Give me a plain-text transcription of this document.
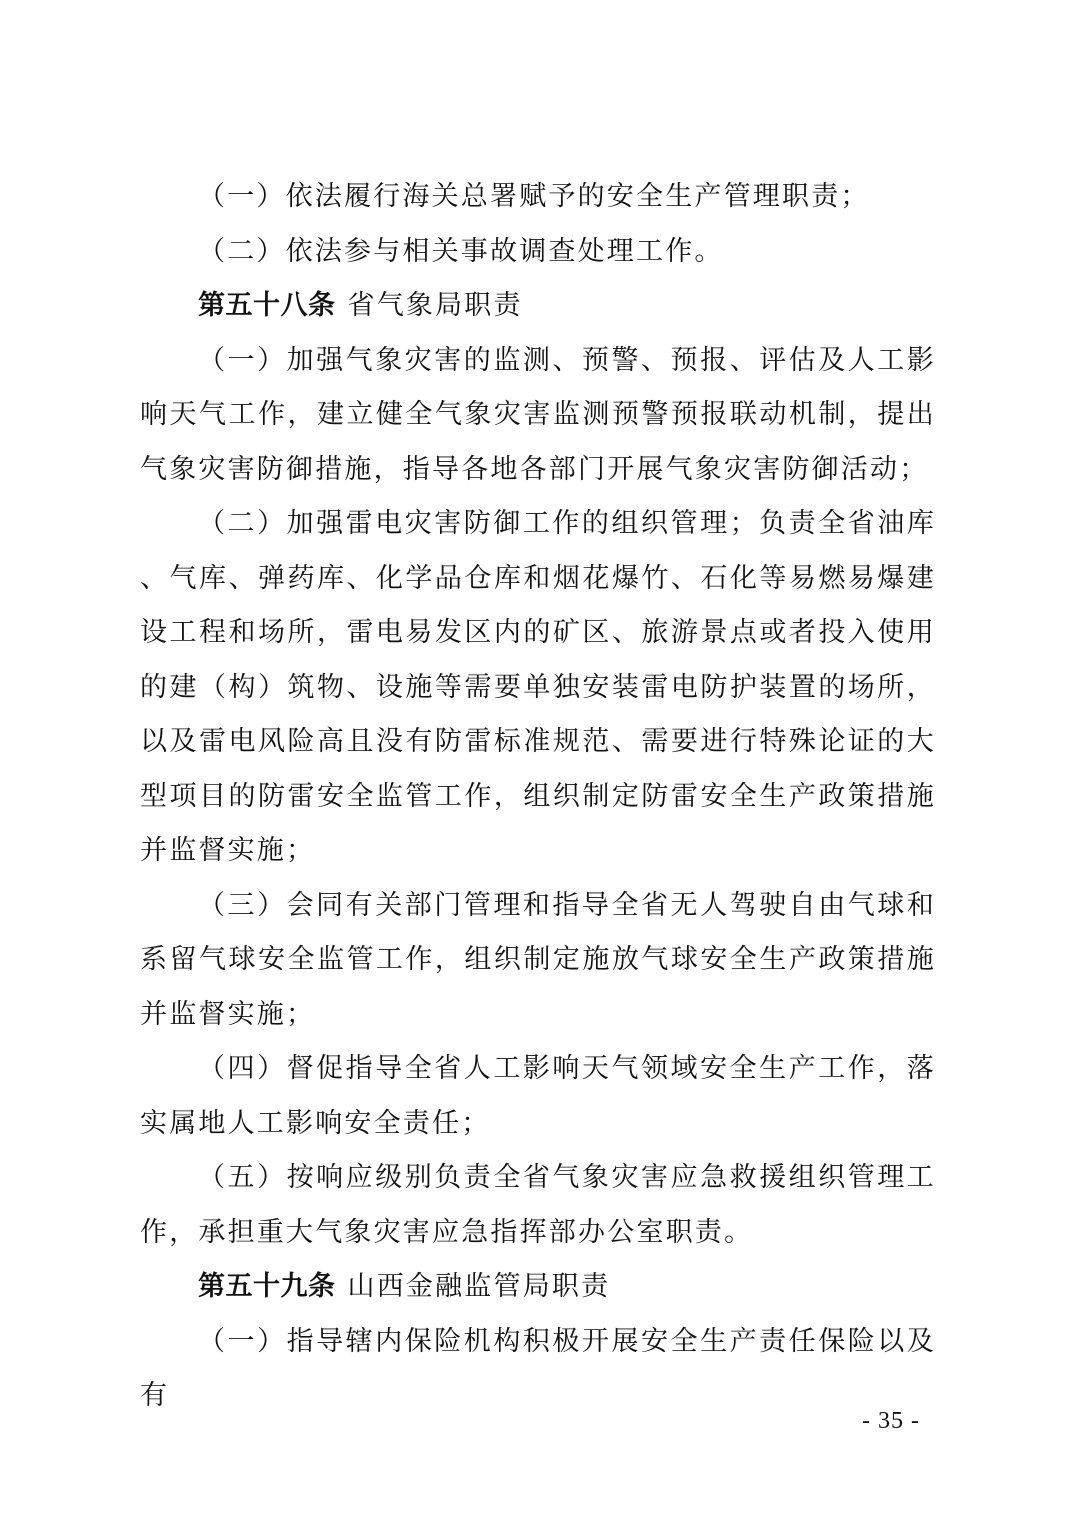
（一）依法履行海关总署赋予的安全生产管理职责；

（二）依法参与相关事故调查处理工作。

第五十八条 省气象局职责

（一）加强气象灾害的监测、预警、预报、评估及人工影响天气工作，建立健全气象灾害监测预警预报联动机制，提出气象灾害防御措施，指导各地各部门开展气象灾害防御活动；

（二）加强雷电灾害防御工作的组织管理；负责全省油库、气库、弹药库、化学品仓库和烟花爆竹、石化等易燃易爆建设工程和场所，雷电易发区内的矿区、旅游景点或者投入使用的建（构）筑物、设施等需要单独安装雷电防护装置的场所，以及雷电风险高且没有防雷标准规范、需要进行特殊论证的大型项目的防雷安全监管工作，组织制定防雷安全生产政策措施并监督实施；

（三）会同有关部门管理和指导全省无人驾驶自由气球和系留气球安全监管工作，组织制定施放气球安全生产政策措施并监督实施；

（四）督促指导全省人工影响天气领域安全生产工作，落实属地人工影响安全责任；

（五）按响应级别负责全省气象灾害应急救援组织管理工作，承担重大气象灾害应急指挥部办公室职责。

第五十九条 山西金融监管局职责

（一）指导辖内保险机构积极开展安全生产责任保险以及有

- 35 -
